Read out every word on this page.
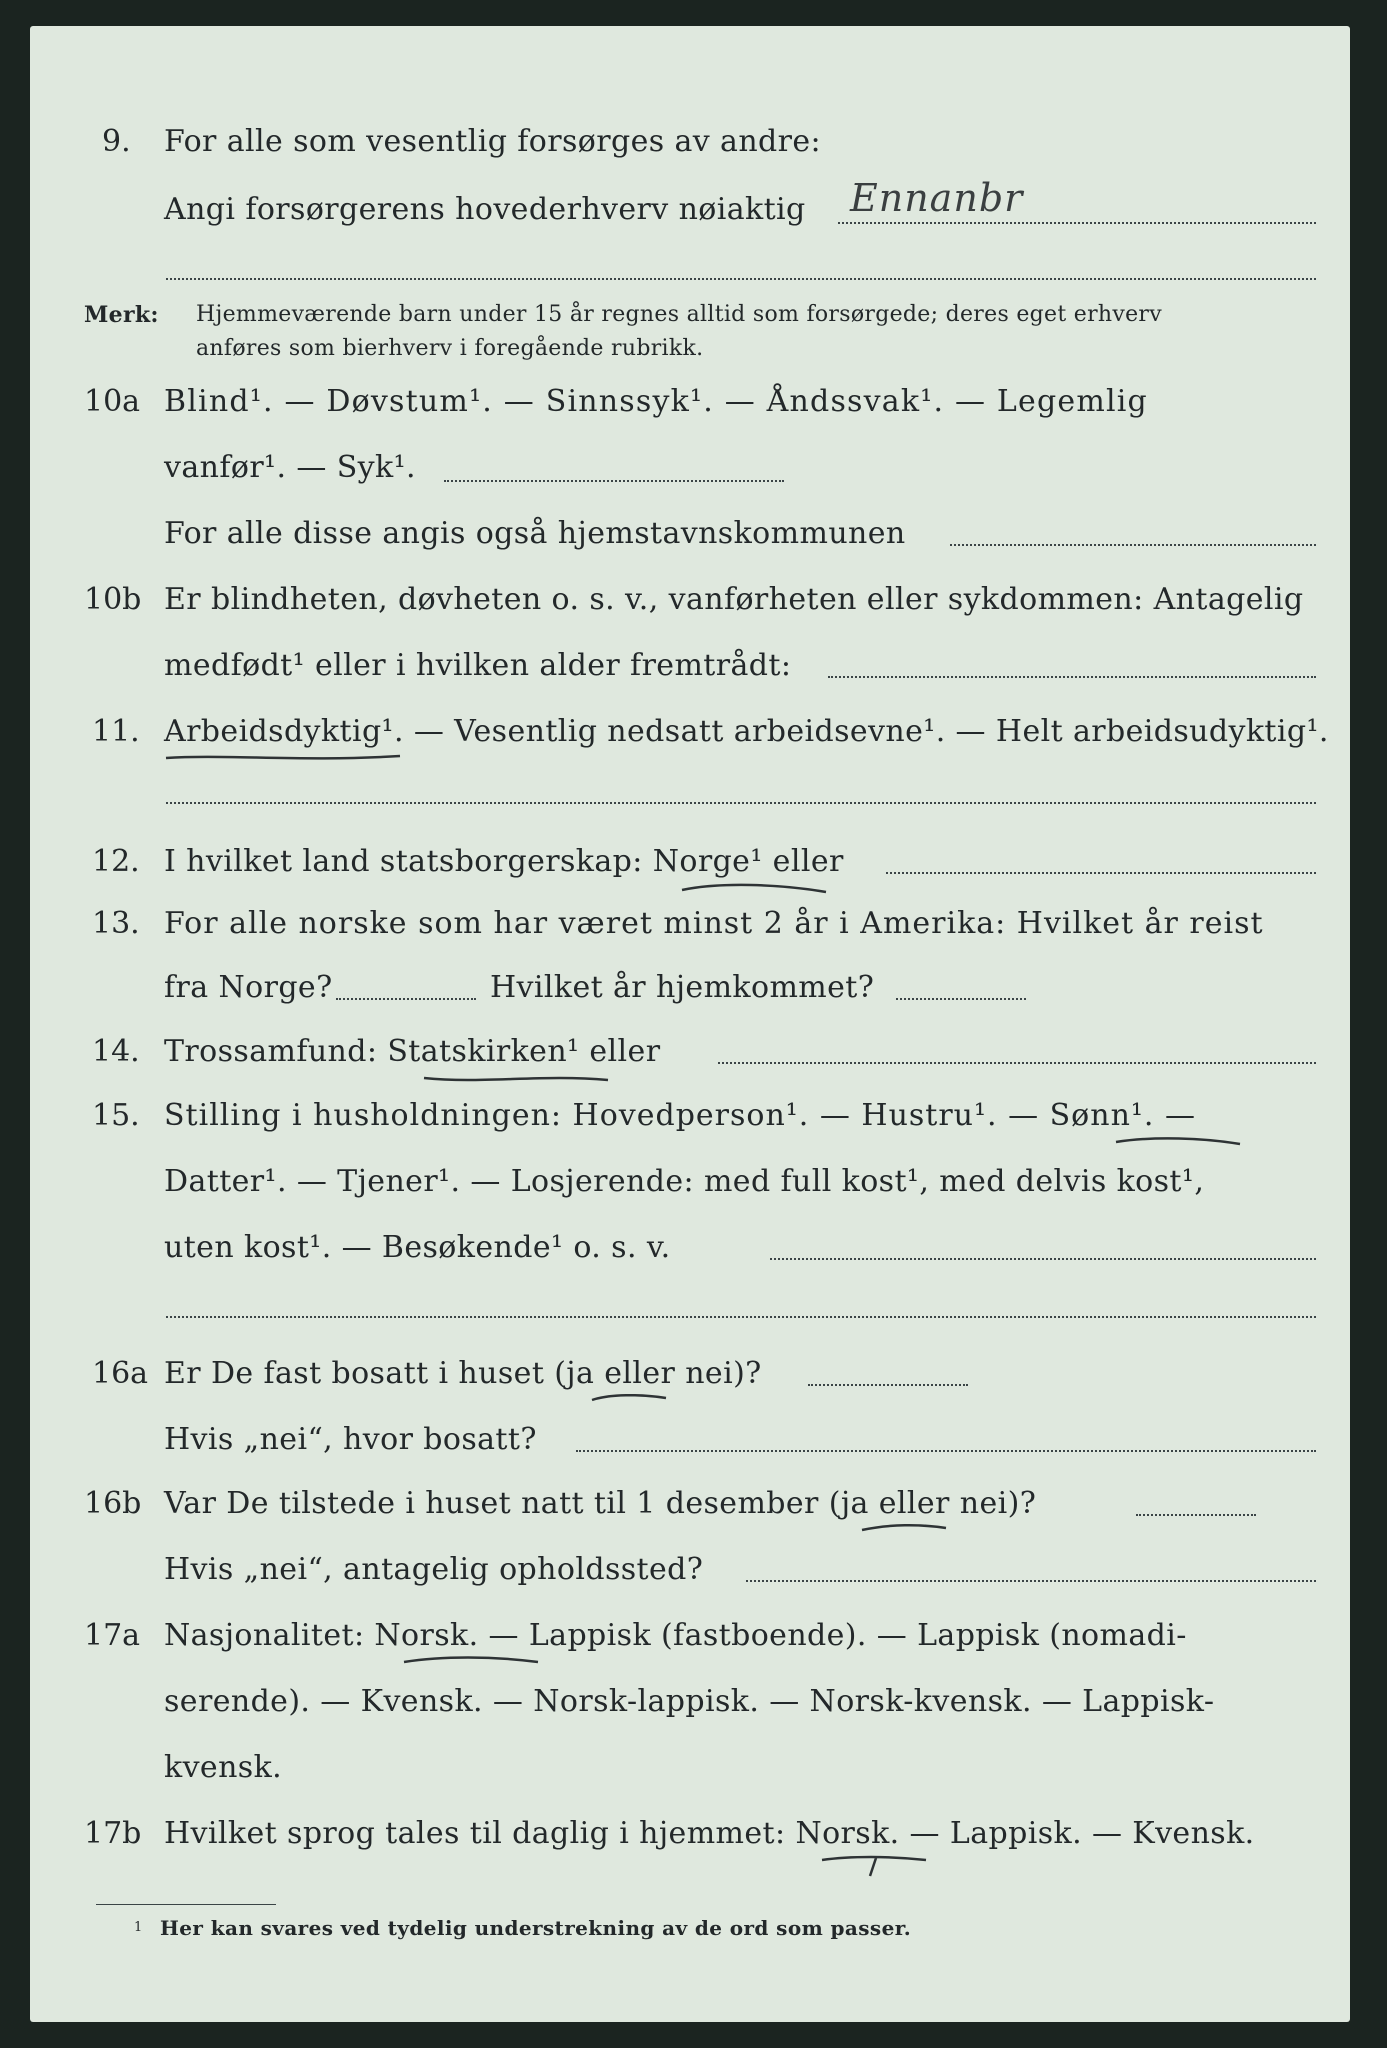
9. For alle som vesentlig forsørges av andre:
Angi forsørgerens hovederhverv nøiaktig Ennanbr
Merk: Hjemmeværende barn under 15 år regnes alltid som forsørgede; deres eget erhverv
anføres som bierhverv i foregående rubrikk.
10a Blind¹. — Døvstum¹. — Sinnssyk¹. — Åndssvak¹. — Legemlig
vanfør¹. — Syk¹.
For alle disse angis også hjemstavnskommunen
10b Er blindheten, døvheten o. s. v., vanførheten eller sykdommen: Antagelig
medfødt¹ eller i hvilken alder fremtrådt:
11. Arbeidsdyktig¹. — Vesentlig nedsatt arbeidsevne¹. — Helt arbeidsudyktig¹.
12. I hvilket land statsborgerskap: Norge¹ eller
13. For alle norske som har været minst 2 år i Amerika: Hvilket år reist
fra Norge?	Hvilket år hjemkommet?
14. Trossamfund: Statskirken¹ eller
15. Stilling i husholdningen: Hovedperson¹. — Hustru¹. — Sønn¹. —
Datter¹. — Tjener¹. — Losjerende: med full kost¹, med delvis kost¹,
uten kost¹. — Besøkende¹ o. s. v.
16a Er De fast bosatt i huset (ja eller nei)?
Hvis „nei“, hvor bosatt?
16b Var De tilstede i huset natt til 1 desember (ja eller nei)?
Hvis „nei“, antagelig opholdssted?
17a Nasjonalitet: Norsk. — Lappisk (fastboende). — Lappisk (nomadi-
serende). — Kvensk. — Norsk-lappisk. — Norsk-kvensk. — Lappisk-
kvensk.
17b Hvilket sprog tales til daglig i hjemmet: Norsk. — Lappisk. — Kvensk.
1 Her kan svares ved tydelig understrekning av de ord som passer.
